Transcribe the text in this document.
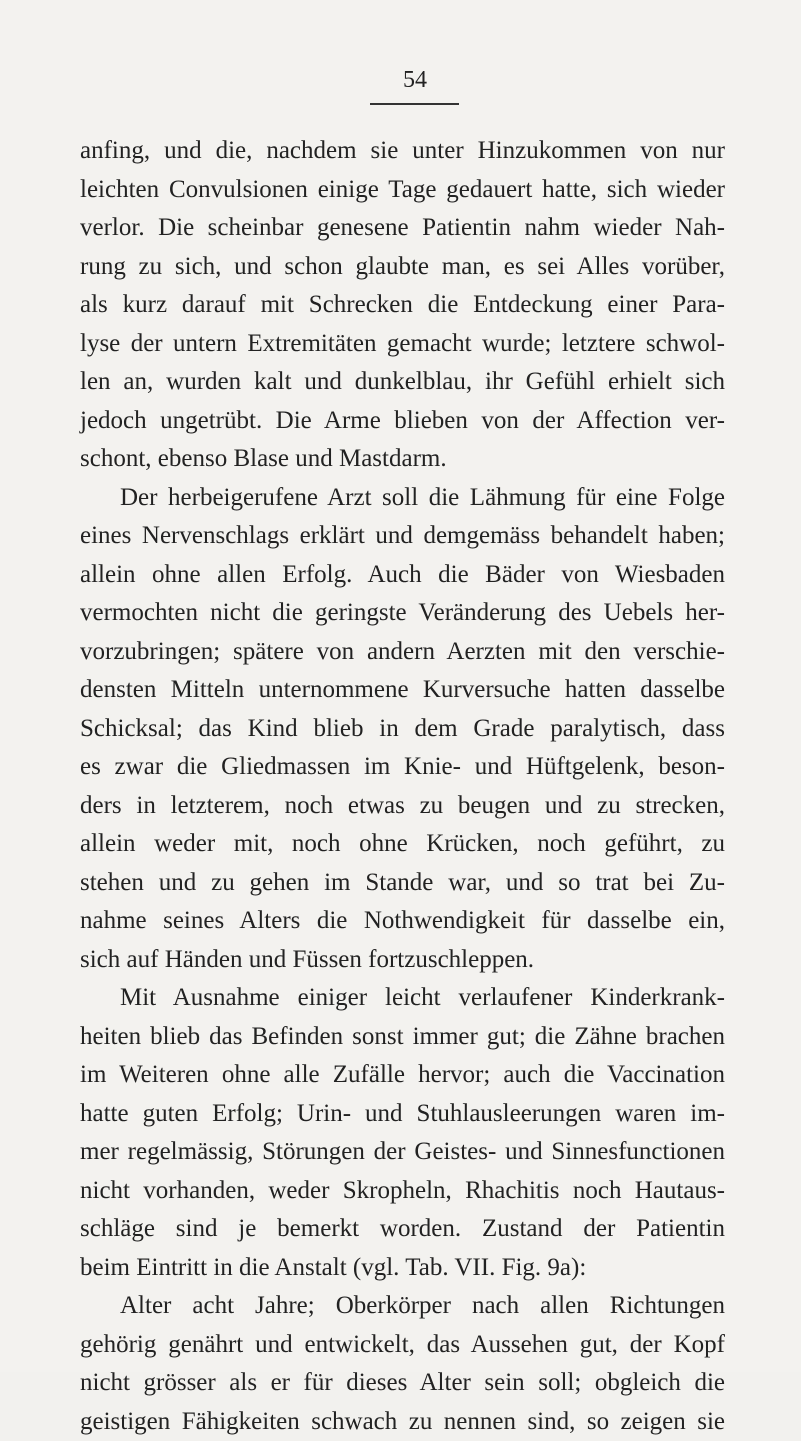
54
anfing, und die, nachdem sie unter Hinzukommen von nur
leichten Convulsionen einige Tage gedauert hatte, sich wieder
verlor. Die scheinbar genesene Patientin nahm wieder Nah-
rung zu sich, und schon glaubte man, es sei Alles vorüber,
als kurz darauf mit Schrecken die Entdeckung einer Para-
lyse der untern Extremitäten gemacht wurde; letztere schwol-
len an, wurden kalt und dunkelblau, ihr Gefühl erhielt sich
jedoch ungetrübt. Die Arme blieben von der Affection ver-
schont, ebenso Blase und Mastdarm.
Der herbeigerufene Arzt soll die Lähmung für eine Folge
eines Nervenschlags erklärt und demgemäss behandelt haben;
allein ohne allen Erfolg. Auch die Bäder von Wiesbaden
vermochten nicht die geringste Veränderung des Uebels her-
vorzubringen; spätere von andern Aerzten mit den verschie-
densten Mitteln unternommene Kurversuche hatten dasselbe
Schicksal; das Kind blieb in dem Grade paralytisch, dass
es zwar die Gliedmassen im Knie- und Hüftgelenk, beson-
ders in letzterem, noch etwas zu beugen und zu strecken,
allein weder mit, noch ohne Krücken, noch geführt, zu
stehen und zu gehen im Stande war, und so trat bei Zu-
nahme seines Alters die Nothwendigkeit für dasselbe ein,
sich auf Händen und Füssen fortzuschleppen.
Mit Ausnahme einiger leicht verlaufener Kinderkrank-
heiten blieb das Befinden sonst immer gut; die Zähne brachen
im Weiteren ohne alle Zufälle hervor; auch die Vaccination
hatte guten Erfolg; Urin- und Stuhlausleerungen waren im-
mer regelmässig, Störungen der Geistes- und Sinnesfunctionen
nicht vorhanden, weder Skropheln, Rhachitis noch Hautaus-
schläge sind je bemerkt worden. Zustand der Patientin
beim Eintritt in die Anstalt (vgl. Tab. VII. Fig. 9a):
Alter acht Jahre; Oberkörper nach allen Richtungen
gehörig genährt und entwickelt, das Aussehen gut, der Kopf
nicht grösser als er für dieses Alter sein soll; obgleich die
geistigen Fähigkeiten schwach zu nennen sind, so zeigen sie
